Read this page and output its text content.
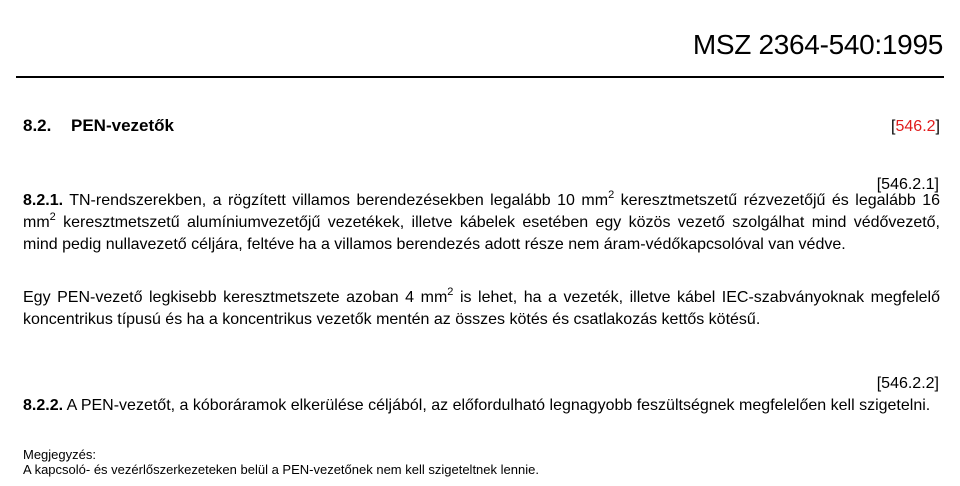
MSZ 2364-540:1995
8.2. PEN-vezetők	[546.2]
[546.2.1]
8.2.1. TN-rendszerekben, a rögzített villamos berendezésekben legalább 10 $mm^2$ keresztmetszetű rézvezetőjű és legalább 16 $mm^2$ keresztmetszetű alumíniumvezetőjű vezetékek, illetve kábelek esetében egy közös vezető szolgálhat mind védővezető, mind pedig nullavezető céljára, feltéve ha a villamos berendezés adott része nem áram-védőkapcsolóval van védve.
Egy PEN-vezető legkisebb keresztmetszete azoban 4 $mm^2$ is lehet, ha a vezeték, illetve kábel IEC-szabványoknak megfelelő koncentrikus típusú és ha a koncentrikus vezetők mentén az összes kötés és csatlakozás kettős kötésű.
[546.2.2]
8.2.2. A PEN-vezetőt, a kóboráramok elkerülése céljából, az előfordulható legnagyobb feszültségnek megfelelően kell szigetelni.
Megjegyzés:
A kapcsoló- és vezérlőszerkezeteken belül a PEN-vezetőnek nem kell szigeteltnek lennie.
